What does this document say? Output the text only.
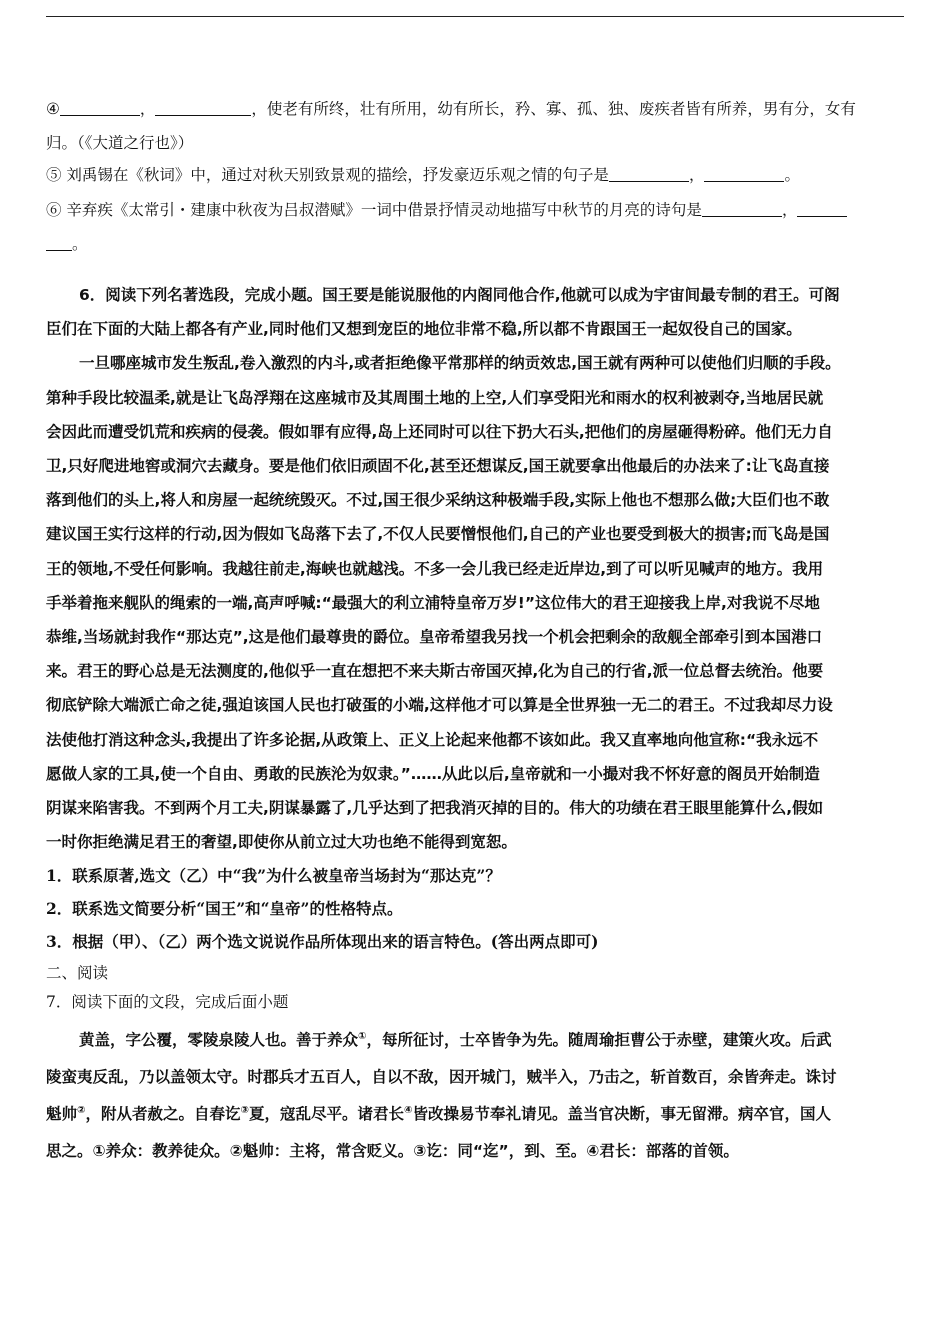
④	，	，使老有所终，壮有所用，幼有所长，矜、寡、孤、独、废疾者皆有所养，男有分，女有
归。（《大道之行也》）
⑤ 刘禹锡在《秋词》中，通过对秋天别致景观的描绘，抒发豪迈乐观之情的句子是	，	。
⑥ 辛弃疾《太常引・建康中秋夜为吕叔潜赋》一词中借景抒情灵动地描写中秋节的月亮的诗句是	，
。
6．阅读下列名著选段，完成小题。国王要是能说服他的内阁同他合作,他就可以成为宇宙间最专制的君王。可阁
臣们在下面的大陆上都各有产业,同时他们又想到宠臣的地位非常不稳,所以都不肯跟国王一起奴役自己的国家。
一旦哪座城市发生叛乱,卷入激烈的内斗,或者拒绝像平常那样的纳贡效忠,国王就有两种可以使他们归顺的手段。
第种手段比较温柔,就是让飞岛浮翔在这座城市及其周围土地的上空,人们享受阳光和雨水的权利被剥夺,当地居民就
会因此而遭受饥荒和疾病的侵袭。假如罪有应得,岛上还同时可以往下扔大石头,把他们的房屋砸得粉碎。他们无力自
卫,只好爬进地窖或洞穴去藏身。要是他们依旧顽固不化,甚至还想谋反,国王就要拿出他最后的办法来了:让飞岛直接
落到他们的头上,将人和房屋一起统统毁灭。不过,国王很少采纳这种极端手段,实际上他也不想那么做;大臣们也不敢
建议国王实行这样的行动,因为假如飞岛落下去了,不仅人民要憎恨他们,自己的产业也要受到极大的损害;而飞岛是国
王的领地,不受任何影响。我越往前走,海峡也就越浅。不多一会儿我已经走近岸边,到了可以听见喊声的地方。我用
手举着拖来舰队的绳索的一端,高声呼喊:“最强大的利立浦特皇帝万岁!”这位伟大的君王迎接我上岸,对我说不尽地
恭维,当场就封我作“那达克”,这是他们最尊贵的爵位。皇帝希望我另找一个机会把剩余的敌舰全部牵引到本国港口
来。君王的野心总是无法测度的,他似乎一直在想把不来夫斯古帝国灭掉,化为自己的行省,派一位总督去统治。他要
彻底铲除大端派亡命之徒,强迫该国人民也打破蛋的小端,这样他才可以算是全世界独一无二的君王。不过我却尽力设
法使他打消这种念头,我提出了许多论据,从政策上、正义上论起来他都不该如此。我又直率地向他宣称:“我永远不
愿做人家的工具,使一个自由、勇敢的民族沦为奴隶。”……从此以后,皇帝就和一小撮对我不怀好意的阁员开始制造
阴谋来陷害我。不到两个月工夫,阴谋暴露了,几乎达到了把我消灭掉的目的。伟大的功绩在君王眼里能算什么,假如
一时你拒绝满足君王的奢望,即使你从前立过大功也绝不能得到宽恕。
1．联系原著,选文（乙）中“我”为什么被皇帝当场封为“那达克”？
2．联系选文简要分析“国王”和“皇帝”的性格特点。
3．根据（甲）、（乙）两个选文说说作品所体现出来的语言特色。(答出两点即可)
二、阅读
7．阅读下面的文段，完成后面小题
黄盖，字公覆，零陵泉陵人也。善于养众①，每所征讨，士卒皆争为先。随周瑜拒曹公于赤壁，建策火攻。后武
陵蛮夷反乱，乃以盖领太守。时郡兵才五百人，自以不敌，因开城门，贼半入，乃击之，斩首数百，余皆奔走。诛讨
魁帅②，附从者赦之。自春讫③夏，寇乱尽平。诸君长④皆改操易节奉礼请见。盖当官决断，事无留滞。病卒官，国人
思之。①养众：教养徒众。②魁帅：主将，常含贬义。③讫：同“迄”，到、至。④君长：部落的首领。
